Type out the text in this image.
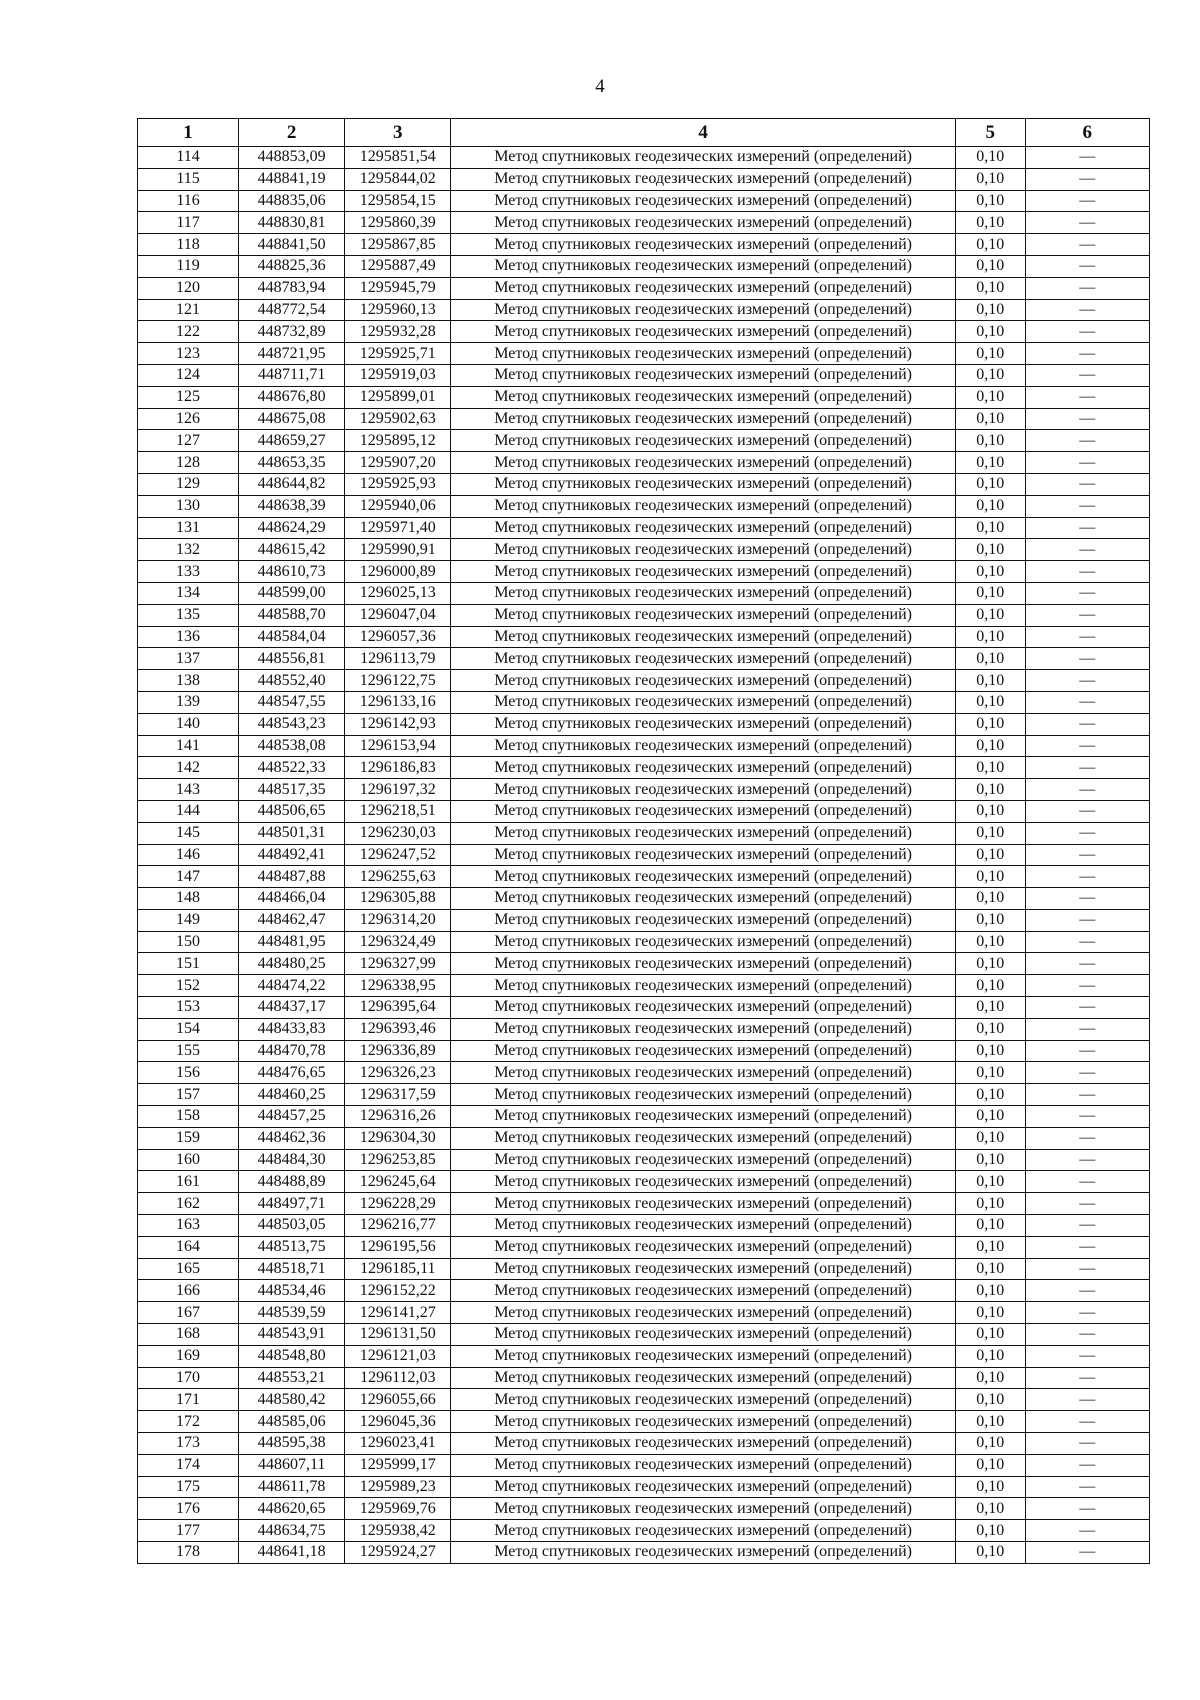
4
1	2	3	4	5	6
114	448853,09	1295851,54	Метод спутниковых геодезических измерений (определений)	0,10	—
115	448841,19	1295844,02	Метод спутниковых геодезических измерений (определений)	0,10	—
116	448835,06	1295854,15	Метод спутниковых геодезических измерений (определений)	0,10	—
117	448830,81	1295860,39	Метод спутниковых геодезических измерений (определений)	0,10	—
118	448841,50	1295867,85	Метод спутниковых геодезических измерений (определений)	0,10	—
119	448825,36	1295887,49	Метод спутниковых геодезических измерений (определений)	0,10	—
120	448783,94	1295945,79	Метод спутниковых геодезических измерений (определений)	0,10	—
121	448772,54	1295960,13	Метод спутниковых геодезических измерений (определений)	0,10	—
122	448732,89	1295932,28	Метод спутниковых геодезических измерений (определений)	0,10	—
123	448721,95	1295925,71	Метод спутниковых геодезических измерений (определений)	0,10	—
124	448711,71	1295919,03	Метод спутниковых геодезических измерений (определений)	0,10	—
125	448676,80	1295899,01	Метод спутниковых геодезических измерений (определений)	0,10	—
126	448675,08	1295902,63	Метод спутниковых геодезических измерений (определений)	0,10	—
127	448659,27	1295895,12	Метод спутниковых геодезических измерений (определений)	0,10	—
128	448653,35	1295907,20	Метод спутниковых геодезических измерений (определений)	0,10	—
129	448644,82	1295925,93	Метод спутниковых геодезических измерений (определений)	0,10	—
130	448638,39	1295940,06	Метод спутниковых геодезических измерений (определений)	0,10	—
131	448624,29	1295971,40	Метод спутниковых геодезических измерений (определений)	0,10	—
132	448615,42	1295990,91	Метод спутниковых геодезических измерений (определений)	0,10	—
133	448610,73	1296000,89	Метод спутниковых геодезических измерений (определений)	0,10	—
134	448599,00	1296025,13	Метод спутниковых геодезических измерений (определений)	0,10	—
135	448588,70	1296047,04	Метод спутниковых геодезических измерений (определений)	0,10	—
136	448584,04	1296057,36	Метод спутниковых геодезических измерений (определений)	0,10	—
137	448556,81	1296113,79	Метод спутниковых геодезических измерений (определений)	0,10	—
138	448552,40	1296122,75	Метод спутниковых геодезических измерений (определений)	0,10	—
139	448547,55	1296133,16	Метод спутниковых геодезических измерений (определений)	0,10	—
140	448543,23	1296142,93	Метод спутниковых геодезических измерений (определений)	0,10	—
141	448538,08	1296153,94	Метод спутниковых геодезических измерений (определений)	0,10	—
142	448522,33	1296186,83	Метод спутниковых геодезических измерений (определений)	0,10	—
143	448517,35	1296197,32	Метод спутниковых геодезических измерений (определений)	0,10	—
144	448506,65	1296218,51	Метод спутниковых геодезических измерений (определений)	0,10	—
145	448501,31	1296230,03	Метод спутниковых геодезических измерений (определений)	0,10	—
146	448492,41	1296247,52	Метод спутниковых геодезических измерений (определений)	0,10	—
147	448487,88	1296255,63	Метод спутниковых геодезических измерений (определений)	0,10	—
148	448466,04	1296305,88	Метод спутниковых геодезических измерений (определений)	0,10	—
149	448462,47	1296314,20	Метод спутниковых геодезических измерений (определений)	0,10	—
150	448481,95	1296324,49	Метод спутниковых геодезических измерений (определений)	0,10	—
151	448480,25	1296327,99	Метод спутниковых геодезических измерений (определений)	0,10	—
152	448474,22	1296338,95	Метод спутниковых геодезических измерений (определений)	0,10	—
153	448437,17	1296395,64	Метод спутниковых геодезических измерений (определений)	0,10	—
154	448433,83	1296393,46	Метод спутниковых геодезических измерений (определений)	0,10	—
155	448470,78	1296336,89	Метод спутниковых геодезических измерений (определений)	0,10	—
156	448476,65	1296326,23	Метод спутниковых геодезических измерений (определений)	0,10	—
157	448460,25	1296317,59	Метод спутниковых геодезических измерений (определений)	0,10	—
158	448457,25	1296316,26	Метод спутниковых геодезических измерений (определений)	0,10	—
159	448462,36	1296304,30	Метод спутниковых геодезических измерений (определений)	0,10	—
160	448484,30	1296253,85	Метод спутниковых геодезических измерений (определений)	0,10	—
161	448488,89	1296245,64	Метод спутниковых геодезических измерений (определений)	0,10	—
162	448497,71	1296228,29	Метод спутниковых геодезических измерений (определений)	0,10	—
163	448503,05	1296216,77	Метод спутниковых геодезических измерений (определений)	0,10	—
164	448513,75	1296195,56	Метод спутниковых геодезических измерений (определений)	0,10	—
165	448518,71	1296185,11	Метод спутниковых геодезических измерений (определений)	0,10	—
166	448534,46	1296152,22	Метод спутниковых геодезических измерений (определений)	0,10	—
167	448539,59	1296141,27	Метод спутниковых геодезических измерений (определений)	0,10	—
168	448543,91	1296131,50	Метод спутниковых геодезических измерений (определений)	0,10	—
169	448548,80	1296121,03	Метод спутниковых геодезических измерений (определений)	0,10	—
170	448553,21	1296112,03	Метод спутниковых геодезических измерений (определений)	0,10	—
171	448580,42	1296055,66	Метод спутниковых геодезических измерений (определений)	0,10	—
172	448585,06	1296045,36	Метод спутниковых геодезических измерений (определений)	0,10	—
173	448595,38	1296023,41	Метод спутниковых геодезических измерений (определений)	0,10	—
174	448607,11	1295999,17	Метод спутниковых геодезических измерений (определений)	0,10	—
175	448611,78	1295989,23	Метод спутниковых геодезических измерений (определений)	0,10	—
176	448620,65	1295969,76	Метод спутниковых геодезических измерений (определений)	0,10	—
177	448634,75	1295938,42	Метод спутниковых геодезических измерений (определений)	0,10	—
178	448641,18	1295924,27	Метод спутниковых геодезических измерений (определений)	0,10	—
